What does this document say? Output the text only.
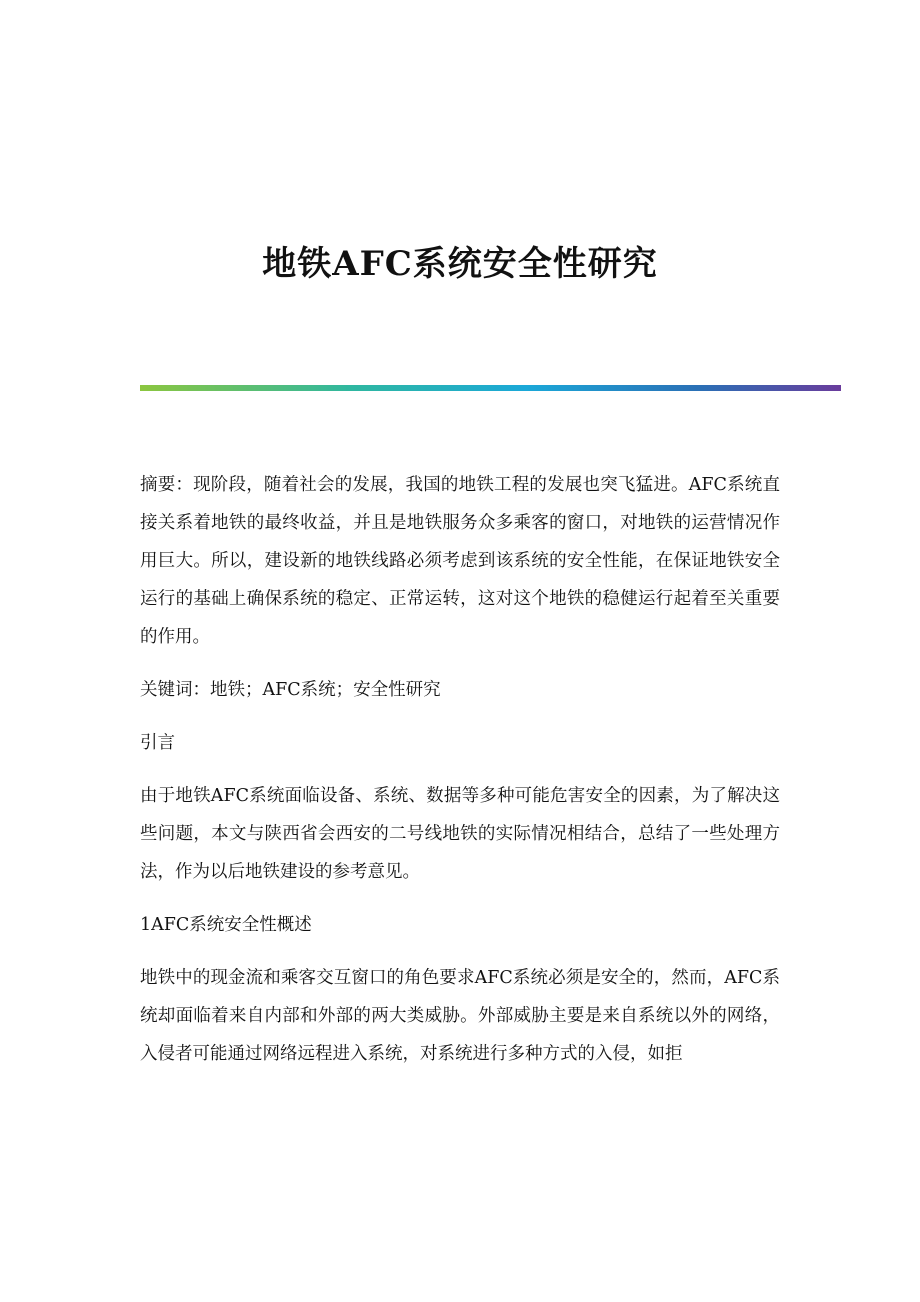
地铁AFC系统安全性研究

摘要：现阶段，随着社会的发展，我国的地铁工程的发展也突飞猛进。AFC系统直接关系着地铁的最终收益，并且是地铁服务众多乘客的窗口，对地铁的运营情况作用巨大。所以，建设新的地铁线路必须考虑到该系统的安全性能，在保证地铁安全运行的基础上确保系统的稳定、正常运转，这对这个地铁的稳健运行起着至关重要的作用。

关键词：地铁；AFC系统；安全性研究

引言

由于地铁AFC系统面临设备、系统、数据等多种可能危害安全的因素，为了解决这些问题，本文与陕西省会西安的二号线地铁的实际情况相结合，总结了一些处理方法，作为以后地铁建设的参考意见。

1AFC系统安全性概述

地铁中的现金流和乘客交互窗口的角色要求AFC系统必须是安全的，然而，AFC系统却面临着来自内部和外部的两大类威胁。外部威胁主要是来自系统以外的网络，入侵者可能通过网络远程进入系统，对系统进行多种方式的入侵，如拒
